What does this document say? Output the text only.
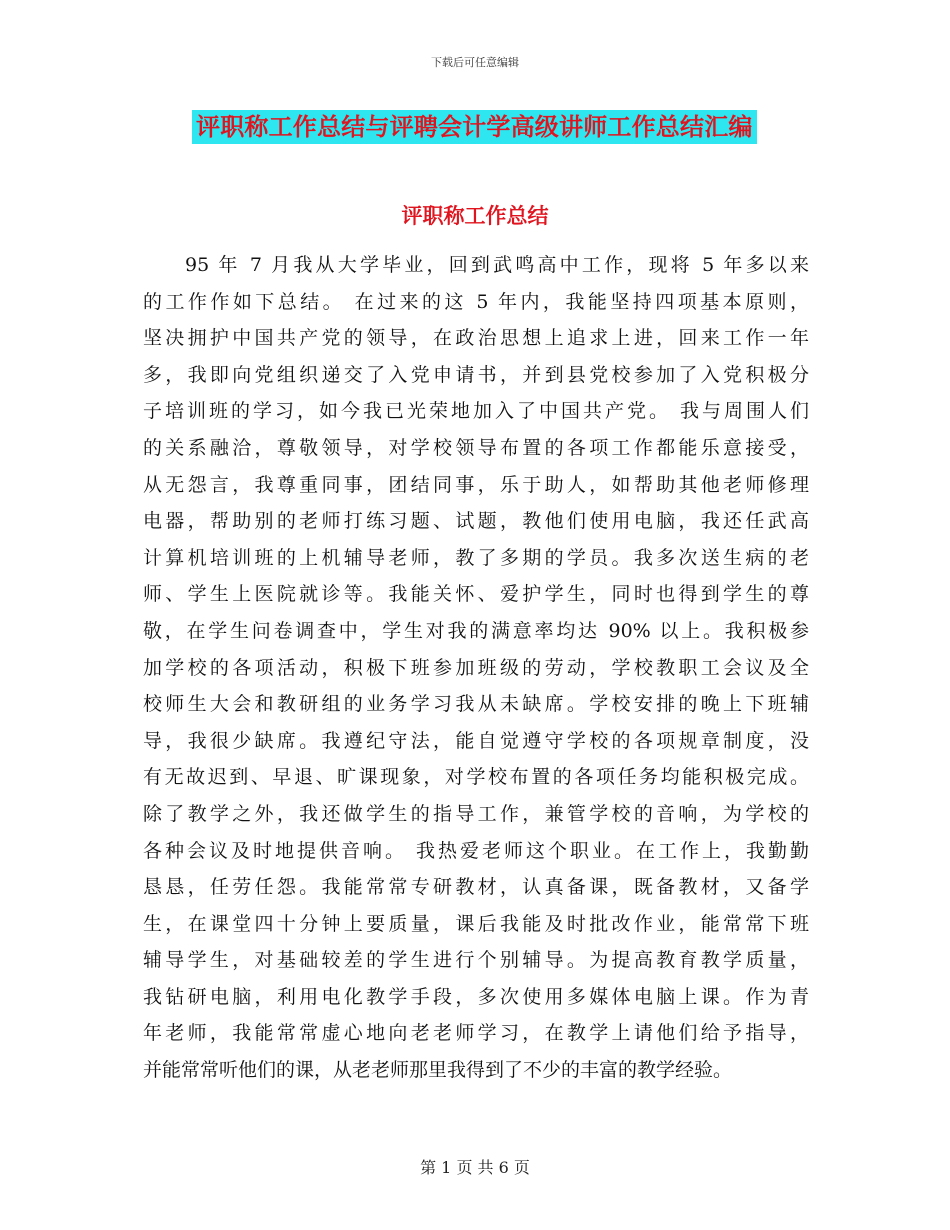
下载后可任意编辑
评职称工作总结与评聘会计学高级讲师工作总结汇编
评职称工作总结
95 年 7 月我从大学毕业，回到武鸣高中工作，现将 5 年多以来
的工作作如下总结。 在过来的这 5 年内，我能坚持四项基本原则，
坚决拥护中国共产党的领导，在政治思想上追求上进，回来工作一年
多，我即向党组织递交了入党申请书，并到县党校参加了入党积极分
子培训班的学习，如今我已光荣地加入了中国共产党。 我与周围人们
的关系融洽，尊敬领导，对学校领导布置的各项工作都能乐意接受，
从无怨言，我尊重同事，团结同事，乐于助人，如帮助其他老师修理
电器，帮助别的老师打练习题、试题，教他们使用电脑，我还任武高
计算机培训班的上机辅导老师，教了多期的学员。我多次送生病的老
师、学生上医院就诊等。我能关怀、爱护学生，同时也得到学生的尊
敬，在学生问卷调查中，学生对我的满意率均达 90% 以上。我积极参
加学校的各项活动，积极下班参加班级的劳动，学校教职工会议及全
校师生大会和教研组的业务学习我从未缺席。学校安排的晚上下班辅
导，我很少缺席。我遵纪守法，能自觉遵守学校的各项规章制度，没
有无故迟到、早退、旷课现象，对学校布置的各项任务均能积极完成。
除了教学之外，我还做学生的指导工作，兼管学校的音响，为学校的
各种会议及时地提供音响。 我热爱老师这个职业。在工作上，我勤勤
恳恳，任劳任怨。我能常常专研教材，认真备课，既备教材，又备学
生，在课堂四十分钟上要质量，课后我能及时批改作业，能常常下班
辅导学生，对基础较差的学生进行个别辅导。为提高教育教学质量，
我钻研电脑，利用电化教学手段，多次使用多媒体电脑上课。作为青
年老师，我能常常虚心地向老老师学习，在教学上请他们给予指导，
并能常常听他们的课，从老老师那里我得到了不少的丰富的教学经验。
第 1 页 共 6 页
